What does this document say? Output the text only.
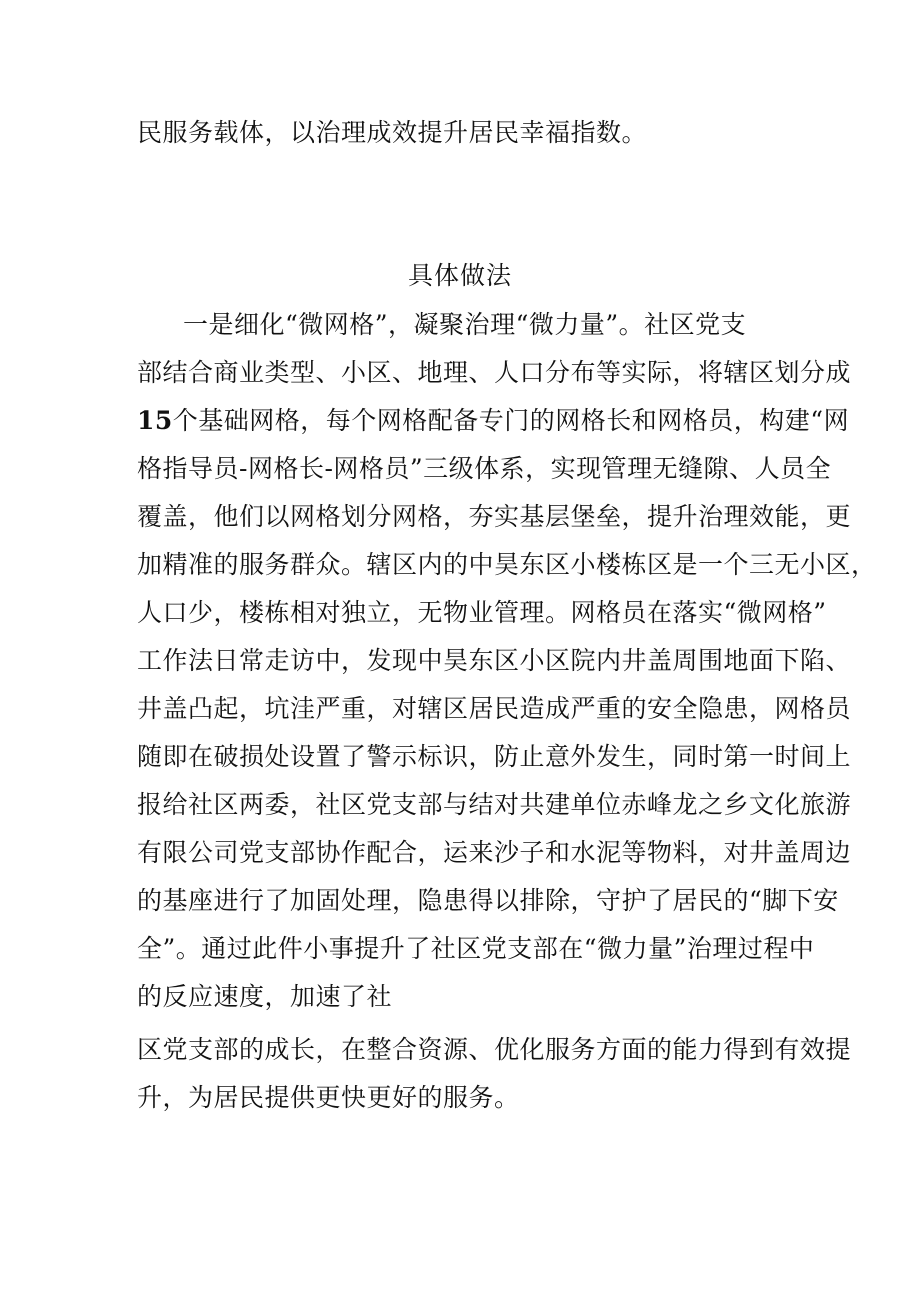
民服务载体，以治理成效提升居民幸福指数。
具体做法
一是细化“微网格”，凝聚治理“微力量”。社区党支
部结合商业类型、小区、地理、人口分布等实际，将辖区划分成
15个基础网格，每个网格配备专门的网格长和网格员，构建“网
格指导员-网格长-网格员”三级体系，实现管理无缝隙、人员全
覆盖，他们以网格划分网格，夯实基层堡垒，提升治理效能，更
加精准的服务群众。辖区内的中昊东区小楼栋区是一个三无小区，
人口少，楼栋相对独立，无物业管理。网格员在落实“微网格”
工作法日常走访中，发现中昊东区小区院内井盖周围地面下陷、
井盖凸起，坑洼严重，对辖区居民造成严重的安全隐患，网格员
随即在破损处设置了警示标识，防止意外发生，同时第一时间上
报给社区两委，社区党支部与结对共建单位赤峰龙之乡文化旅游
有限公司党支部协作配合，运来沙子和水泥等物料，对井盖周边
的基座进行了加固处理，隐患得以排除，守护了居民的“脚下安
全”。通过此件小事提升了社区党支部在“微力量”治理过程中
的反应速度，加速了社
区党支部的成长，在整合资源、优化服务方面的能力得到有效提
升，为居民提供更快更好的服务。
